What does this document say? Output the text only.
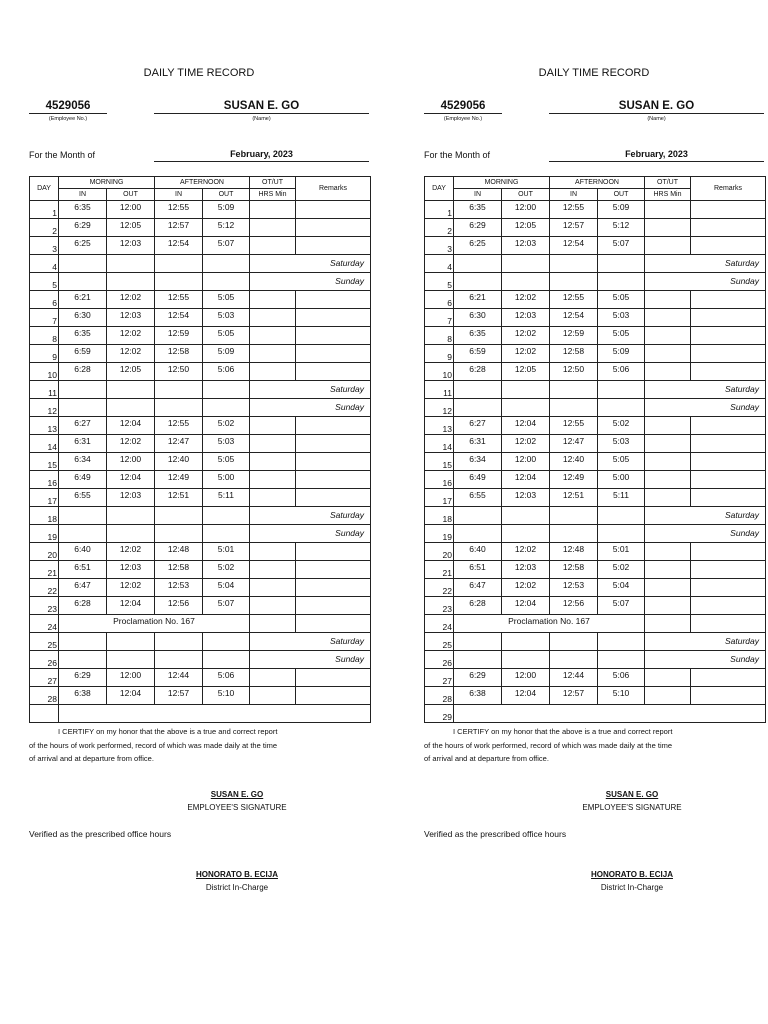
DAILY TIME RECORD
4529056
(Employee No.)
SUSAN E. GO
(Name)
For the Month of	February, 2023
DAY	MORNING		AFTERNOON		OT/UT	Remarks
	IN	OUT	IN	OUT	HRS Min	
1	6:35	12:00	12:55	5:09		
2	6:29	12:05	12:57	5:12		
3	6:25	12:03	12:54	5:07		
4					Saturday	
5					Sunday	
6	6:21	12:02	12:55	5:05		
7	6:30	12:03	12:54	5:03		
8	6:35	12:02	12:59	5:05		
9	6:59	12:02	12:58	5:09		
10	6:28	12:05	12:50	5:06		
11					Saturday	
12					Sunday	
13	6:27	12:04	12:55	5:02		
14	6:31	12:02	12:47	5:03		
15	6:34	12:00	12:40	5:05		
16	6:49	12:04	12:49	5:00		
17	6:55	12:03	12:51	5:11		
18					Saturday	
19					Sunday	
20	6:40	12:02	12:48	5:01		
21	6:51	12:03	12:58	5:02		
22	6:47	12:02	12:53	5:04		
23	6:28	12:04	12:56	5:07		
24	Proclamation No. 167					
25					Saturday	
26					Sunday	
27	6:29	12:00	12:44	5:06		
28	6:38	12:04	12:57	5:10		

I CERTIFY on my honor that the above is a true and correct report
of the hours of work performed, record of which was made daily at the time
of arrival and at departure from office.
SUSAN E. GO
EMPLOYEE'S SIGNATURE
Verified as the prescribed office hours
HONORATO B. ECIJA
District In-Charge
DAILY TIME RECORD
4529056
(Employee No.)
SUSAN E. GO
(Name)
For the Month of	February, 2023
DAY	MORNING		AFTERNOON		OT/UT	Remarks
	IN	OUT	IN	OUT	HRS Min	
1	6:35	12:00	12:55	5:09		
2	6:29	12:05	12:57	5:12		
3	6:25	12:03	12:54	5:07		
4					Saturday	
5					Sunday	
6	6:21	12:02	12:55	5:05		
7	6:30	12:03	12:54	5:03		
8	6:35	12:02	12:59	5:05		
9	6:59	12:02	12:58	5:09		
10	6:28	12:05	12:50	5:06		
11					Saturday	
12					Sunday	
13	6:27	12:04	12:55	5:02		
14	6:31	12:02	12:47	5:03		
15	6:34	12:00	12:40	5:05		
16	6:49	12:04	12:49	5:00		
17	6:55	12:03	12:51	5:11		
18					Saturday	
19					Sunday	
20	6:40	12:02	12:48	5:01		
21	6:51	12:03	12:58	5:02		
22	6:47	12:02	12:53	5:04		
23	6:28	12:04	12:56	5:07		
24	Proclamation No. 167					
25					Saturday	
26					Sunday	
27	6:29	12:00	12:44	5:06		
28	6:38	12:04	12:57	5:10		
29						
I CERTIFY on my honor that the above is a true and correct report
of the hours of work performed, record of which was made daily at the time
of arrival and at departure from office.
SUSAN E. GO
EMPLOYEE'S SIGNATURE
Verified as the prescribed office hours
HONORATO B. ECIJA
District In-Charge
